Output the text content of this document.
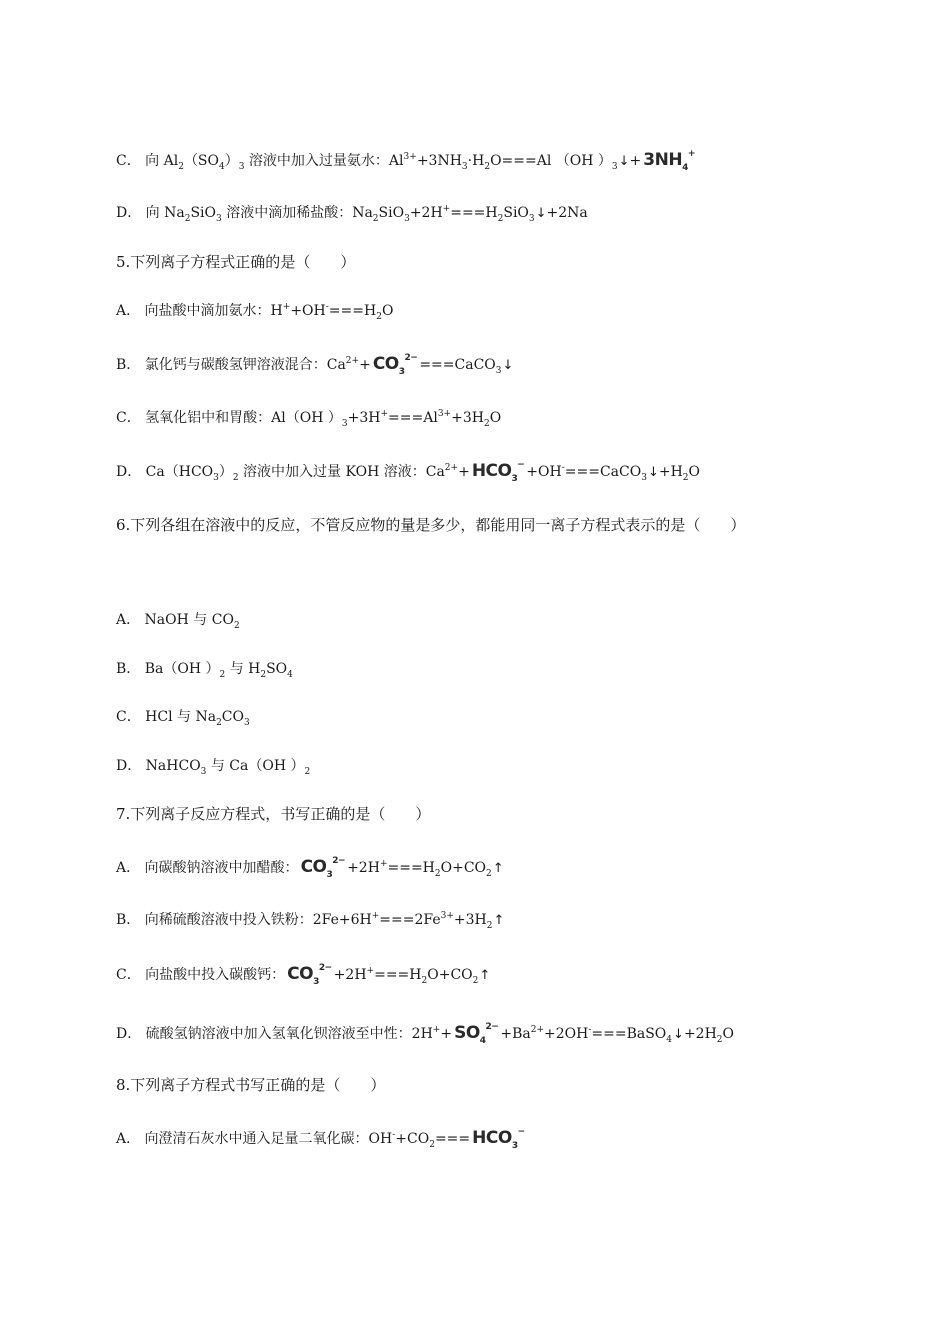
C． 向 $Al_2(SO_4)_3$ 溶液中加入过量氨水：$Al^{3+}+3NH_3\cdot H_2O===Al$ （OH ）$_3↓+ 3NH_4^+$
D． 向 $Na_2SiO_3$ 溶液中滴加稀盐酸：$Na_2SiO_3+2H^+===H_2SiO_3↓+2Na$
5.下列离子方程式正确的是（　　）
A． 向盐酸中滴加氨水：$H^++OH^-===H_2O$
B． 氯化钙与碳酸氢钾溶液混合：$Ca^{2+}+ CO_3^{2-}$ ===CaCO$_3$↓
C． 氢氧化铝中和胃酸：Al（OH ）$_3+3H^+===Al^{3+}+3H_2O$
D． $Ca(HCO_3)_2$ 溶液中加入过量 KOH 溶液：$Ca^{2+}+ HCO_3^-$ $+OH^-===CaCO_3↓+H_2O$
6.下列各组在溶液中的反应，不管反应物的量是多少，都能用同一离子方程式表示的是（　　）
A． NaOH 与 $CO_2$
B． Ba（OH ）$_2$ 与 $H_2SO_4$
C． HCl 与 $Na_2CO_3$
D． NaHCO$_3$ 与 Ca（OH ）$_2$
7.下列离子反应方程式，书写正确的是（　　）
A． 向碳酸钠溶液中加醋酸： $CO_3^{2-}$ $+2H^+===H_2O+CO_2↑$
B． 向稀硫酸溶液中投入铁粉：$2Fe+6H^+===2Fe^{3+}+3H_2↑$
C． 向盐酸中投入碳酸钙： $CO_3^{2-}$ $+2H^+===H_2O+CO_2↑$
D． 硫酸氢钠溶液中加入氢氧化钡溶液至中性：$2H^++ SO_4^{2-}$ $+Ba^{2+}+2OH^-===BaSO_4↓+2H_2O$
8.下列离子方程式书写正确的是（　　）
A． 向澄清石灰水中通入足量二氧化碳：$OH^-+CO_2=== HCO_3^-$
